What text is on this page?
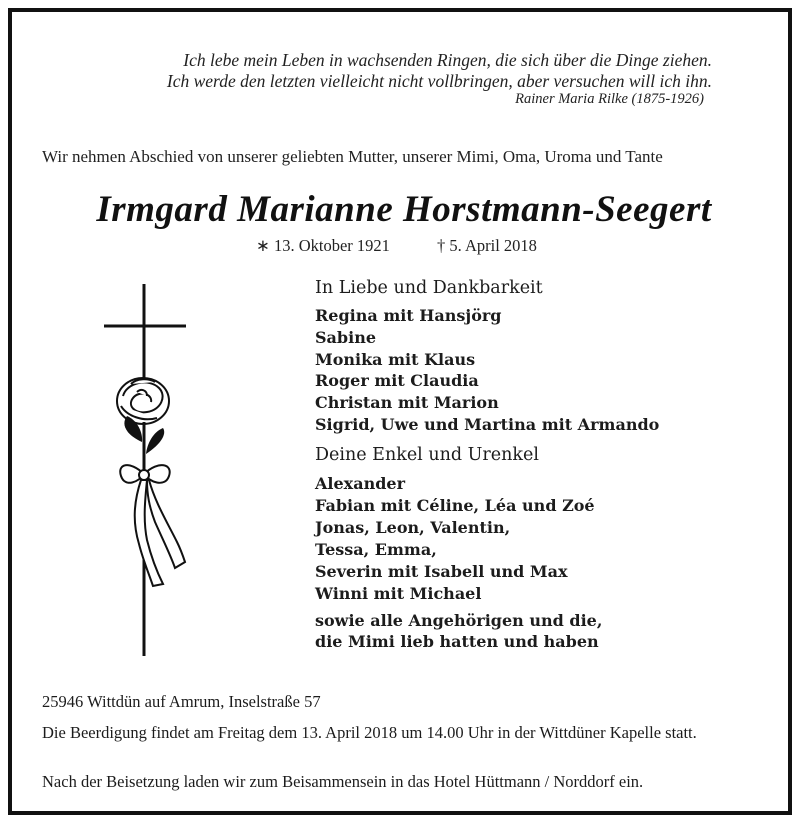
Ich lebe mein Leben in wachsenden Ringen, die sich über die Dinge ziehen.
Ich werde den letzten vielleicht nicht vollbringen, aber versuchen will ich ihn.
Rainer Maria Rilke (1875-1926)
Wir nehmen Abschied von unserer geliebten Mutter, unserer Mimi, Oma, Uroma und Tante
Irmgard Marianne Horstmann-Seegert
∗ 13. Oktober 1921	† 5. April 2018
In Liebe und Dankbarkeit
Regina mit Hansjörg
Sabine
Monika mit Klaus
Roger mit Claudia
Christan mit Marion
Sigrid, Uwe und Martina mit Armando
Deine Enkel und Urenkel
Alexander
Fabian mit Céline, Léa und Zoé
Jonas, Leon, Valentin,
Tessa, Emma,
Severin mit Isabell und Max
Winni mit Michael
sowie alle Angehörigen und die,
die Mimi lieb hatten und haben
25946 Wittdün auf Amrum, Inselstraße 57
Die Beerdigung findet am Freitag dem 13. April 2018 um 14.00 Uhr in der Wittdüner Kapelle statt.
Nach der Beisetzung laden wir zum Beisammensein in das Hotel Hüttmann / Norddorf ein.
